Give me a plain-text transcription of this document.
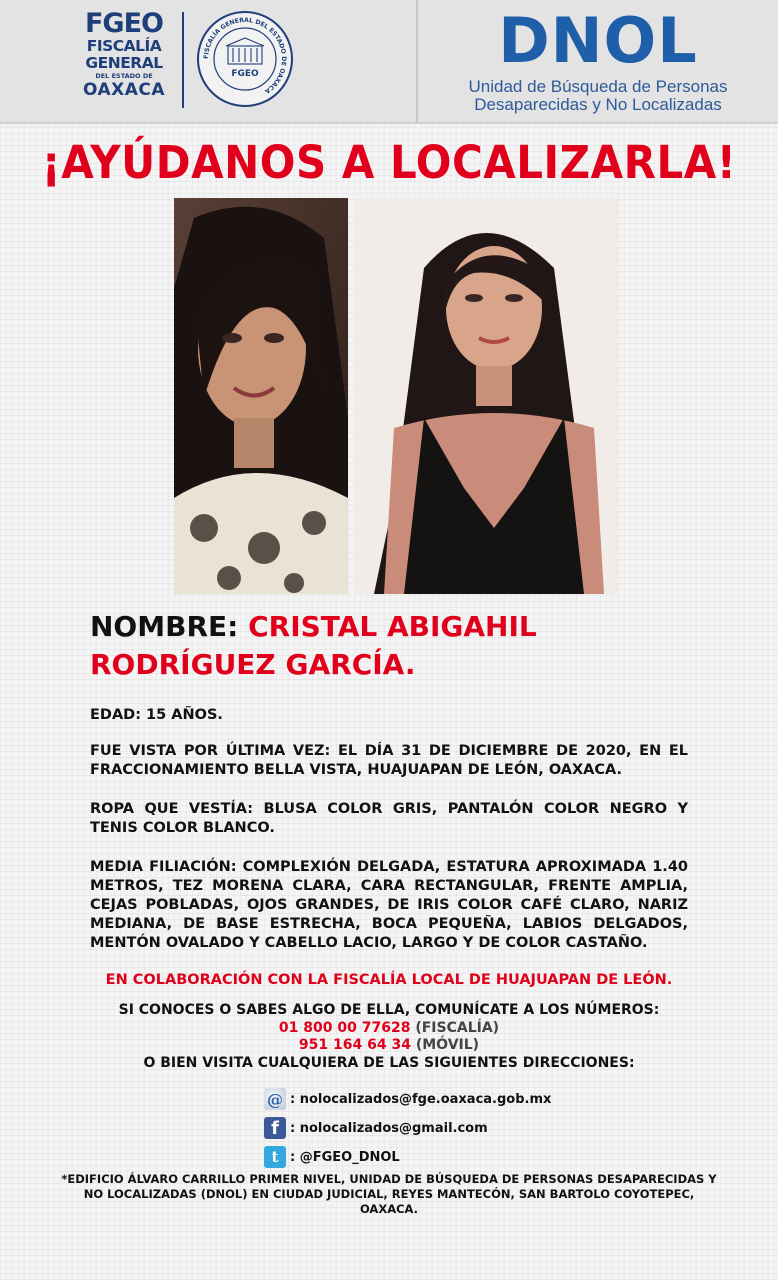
FGEO
FISCALÍA
GENERAL
DEL ESTADO DE
OAXACA
FISCALÍA GENERAL DEL ESTADO DE OAXACA
FGEO	DNOL
Unidad de Búsqueda de Personas
Desaparecidas y No Localizadas
¡AYÚDANOS A LOCALIZARLA!
NOMBRE: CRISTAL ABIGAHIL RODRÍGUEZ GARCÍA.
EDAD: 15 AÑOS.
FUE VISTA POR ÚLTIMA VEZ: EL DÍA 31 DE DICIEMBRE DE 2020, EN EL FRACCIONAMIENTO BELLA VISTA, HUAJUAPAN DE LEÓN, OAXACA.
ROPA QUE VESTÍA: BLUSA COLOR GRIS, PANTALÓN COLOR NEGRO Y TENIS COLOR BLANCO.
MEDIA FILIACIÓN: COMPLEXIÓN DELGADA, ESTATURA APROXIMADA 1.40 METROS, TEZ MORENA CLARA, CARA RECTANGULAR, FRENTE AMPLIA, CEJAS POBLADAS, OJOS GRANDES, DE IRIS COLOR CAFÉ CLARO, NARIZ MEDIANA, DE BASE ESTRECHA, BOCA PEQUEÑA, LABIOS DELGADOS, MENTÓN OVALADO Y CABELLO LACIO, LARGO Y DE COLOR CASTAÑO.
EN COLABORACIÓN CON LA FISCALÍA LOCAL DE HUAJUAPAN DE LEÓN.
SI CONOCES O SABES ALGO DE ELLA, COMUNÍCATE A LOS NÚMEROS:
01 800 00 77628 (FISCALÍA)
951 164 64 34 (MÓVIL)
O BIEN VISITA CUALQUIERA DE LAS SIGUIENTES DIRECCIONES:
@ : nolocalizados@fge.oaxaca.gob.mx
f : nolocalizados@gmail.com
t : @FGEO_DNOL
*EDIFICIO ÁLVARO CARRILLO PRIMER NIVEL, UNIDAD DE BÚSQUEDA DE PERSONAS DESAPARECIDAS Y NO LOCALIZADAS (DNOL) EN CIUDAD JUDICIAL, REYES MANTECÓN, SAN BARTOLO COYOTEPEC, OAXACA.
